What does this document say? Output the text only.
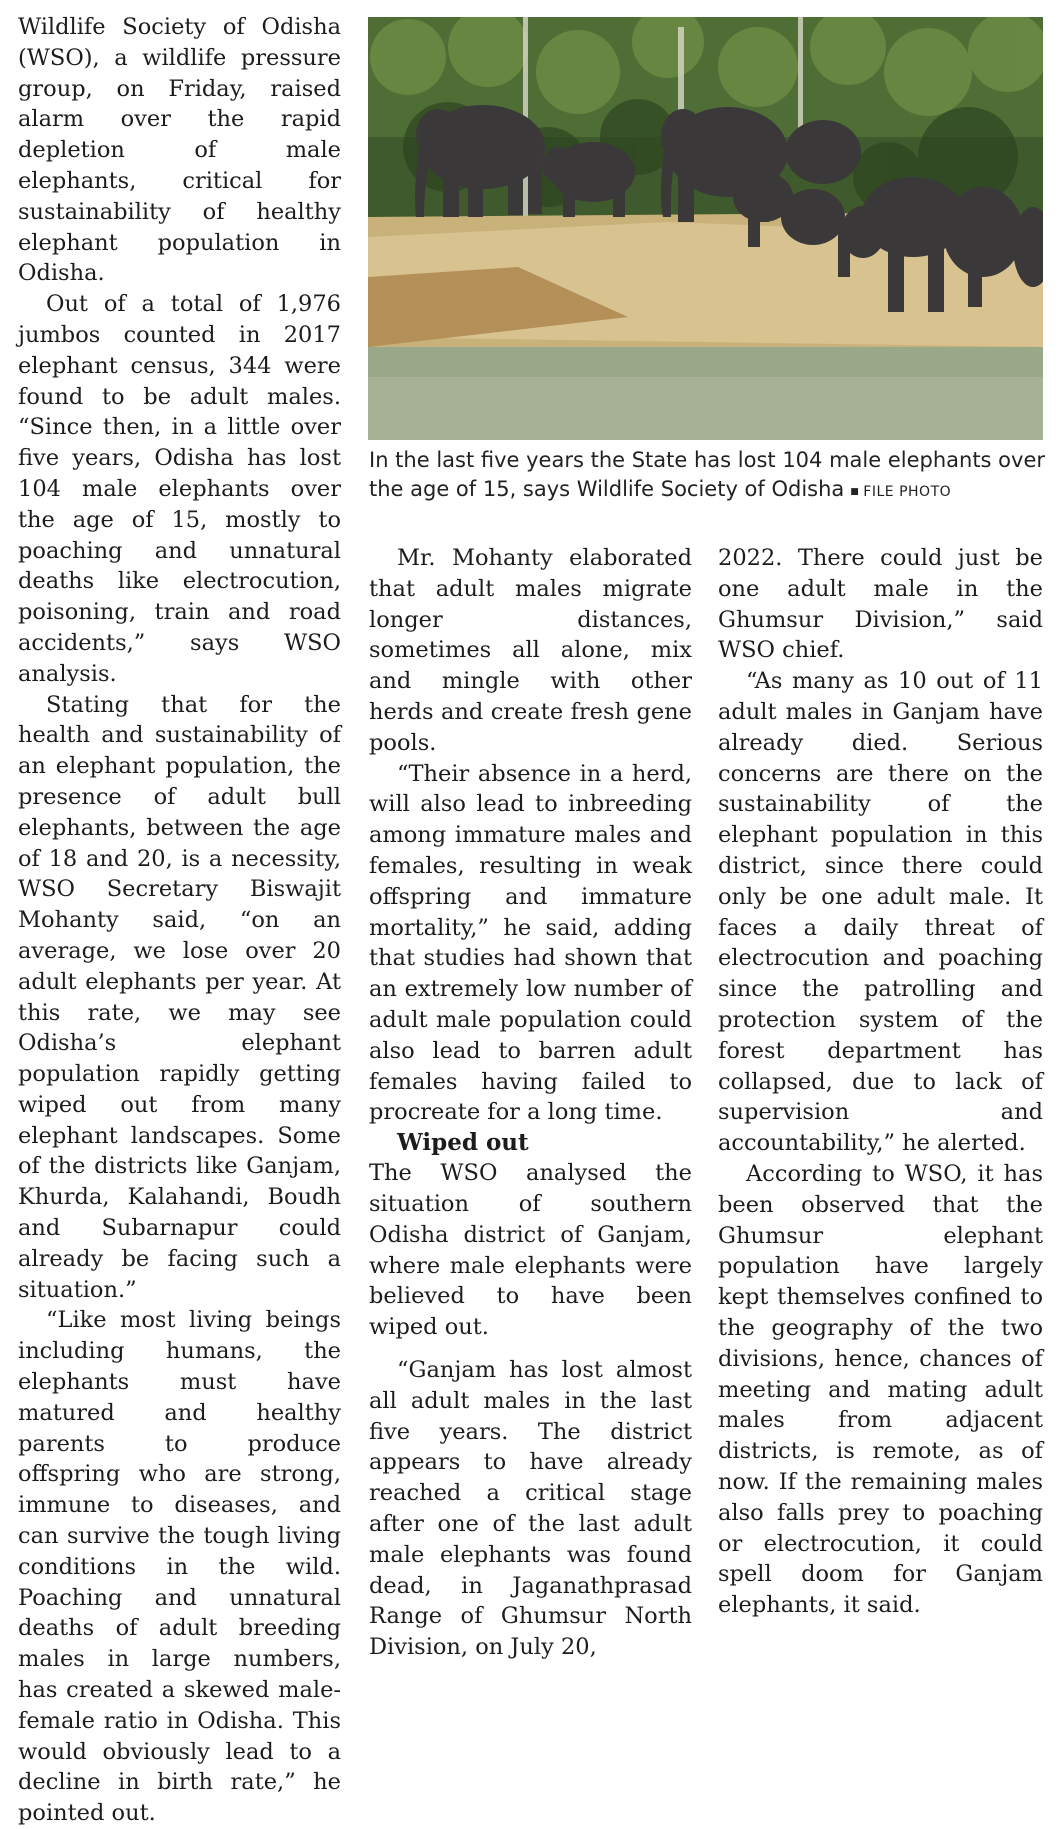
Wildlife Society of Odisha (WSO), a wildlife pressure group, on Friday, raised alarm over the rapid depletion of male elephants, critical for sustainability of healthy elephant population in Odisha.

Out of a total of 1,976 jumbos counted in 2017 elephant census, 344 were found to be adult males. “Since then, in a little over five years, Odisha has lost 104 male elephants over the age of 15, mostly to poaching and unnatural deaths like electrocution, poisoning, train and road accidents,” says WSO analysis.

Stating that for the health and sustainability of an elephant population, the presence of adult bull elephants, between the age of 18 and 20, is a necessity, WSO Secretary Biswajit Mohanty said, “on an average, we lose over 20 adult elephants per year. At this rate, we may see Odisha’s elephant population rapidly getting wiped out from many elephant landscapes. Some of the districts like Ganjam, Khurda, Kalahandi, Boudh and Subarnapur could already be facing such a situation.”

“Like most living beings including humans, the elephants must have matured and healthy parents to produce offspring who are strong, immune to diseases, and can survive the tough living conditions in the wild. Poaching and unnatural deaths of adult breeding males in large numbers, has created a skewed male-female ratio in Odisha. This would obviously lead to a decline in birth rate,” he pointed out.

In the last five years the State has lost 104 male elephants over the age of 15, says Wildlife Society of Odisha■ FILE PHOTO

Mr. Mohanty elaborated that adult males migrate longer distances, sometimes all alone, mix and mingle with other herds and create fresh gene pools.

“Their absence in a herd, will also lead to inbreeding among immature males and females, resulting in weak offspring and immature mortality,” he said, adding that studies had shown that an extremely low number of adult male population could also lead to barren adult females having failed to procreate for a long time.

Wiped out

The WSO analysed the situation of southern Odisha district of Ganjam, where male elephants were believed to have been wiped out.

“Ganjam has lost almost all adult males in the last five years. The district appears to have already reached a critical stage after one of the last adult male elephants was found dead, in Jaganathprasad Range of Ghumsur North Division, on July 20,

2022. There could just be one adult male in the Ghumsur Division,” said WSO chief.

“As many as 10 out of 11 adult males in Ganjam have already died. Serious concerns are there on the sustainability of the elephant population in this district, since there could only be one adult male. It faces a daily threat of electrocution and poaching since the patrolling and protection system of the forest department has collapsed, due to lack of supervision and accountability,” he alerted.

According to WSO, it has been observed that the Ghumsur elephant population have largely kept themselves confined to the geography of the two divisions, hence, chances of meeting and mating adult males from adjacent districts, is remote, as of now. If the remaining males also falls prey to poaching or electrocution, it could spell doom for Ganjam elephants, it said.
